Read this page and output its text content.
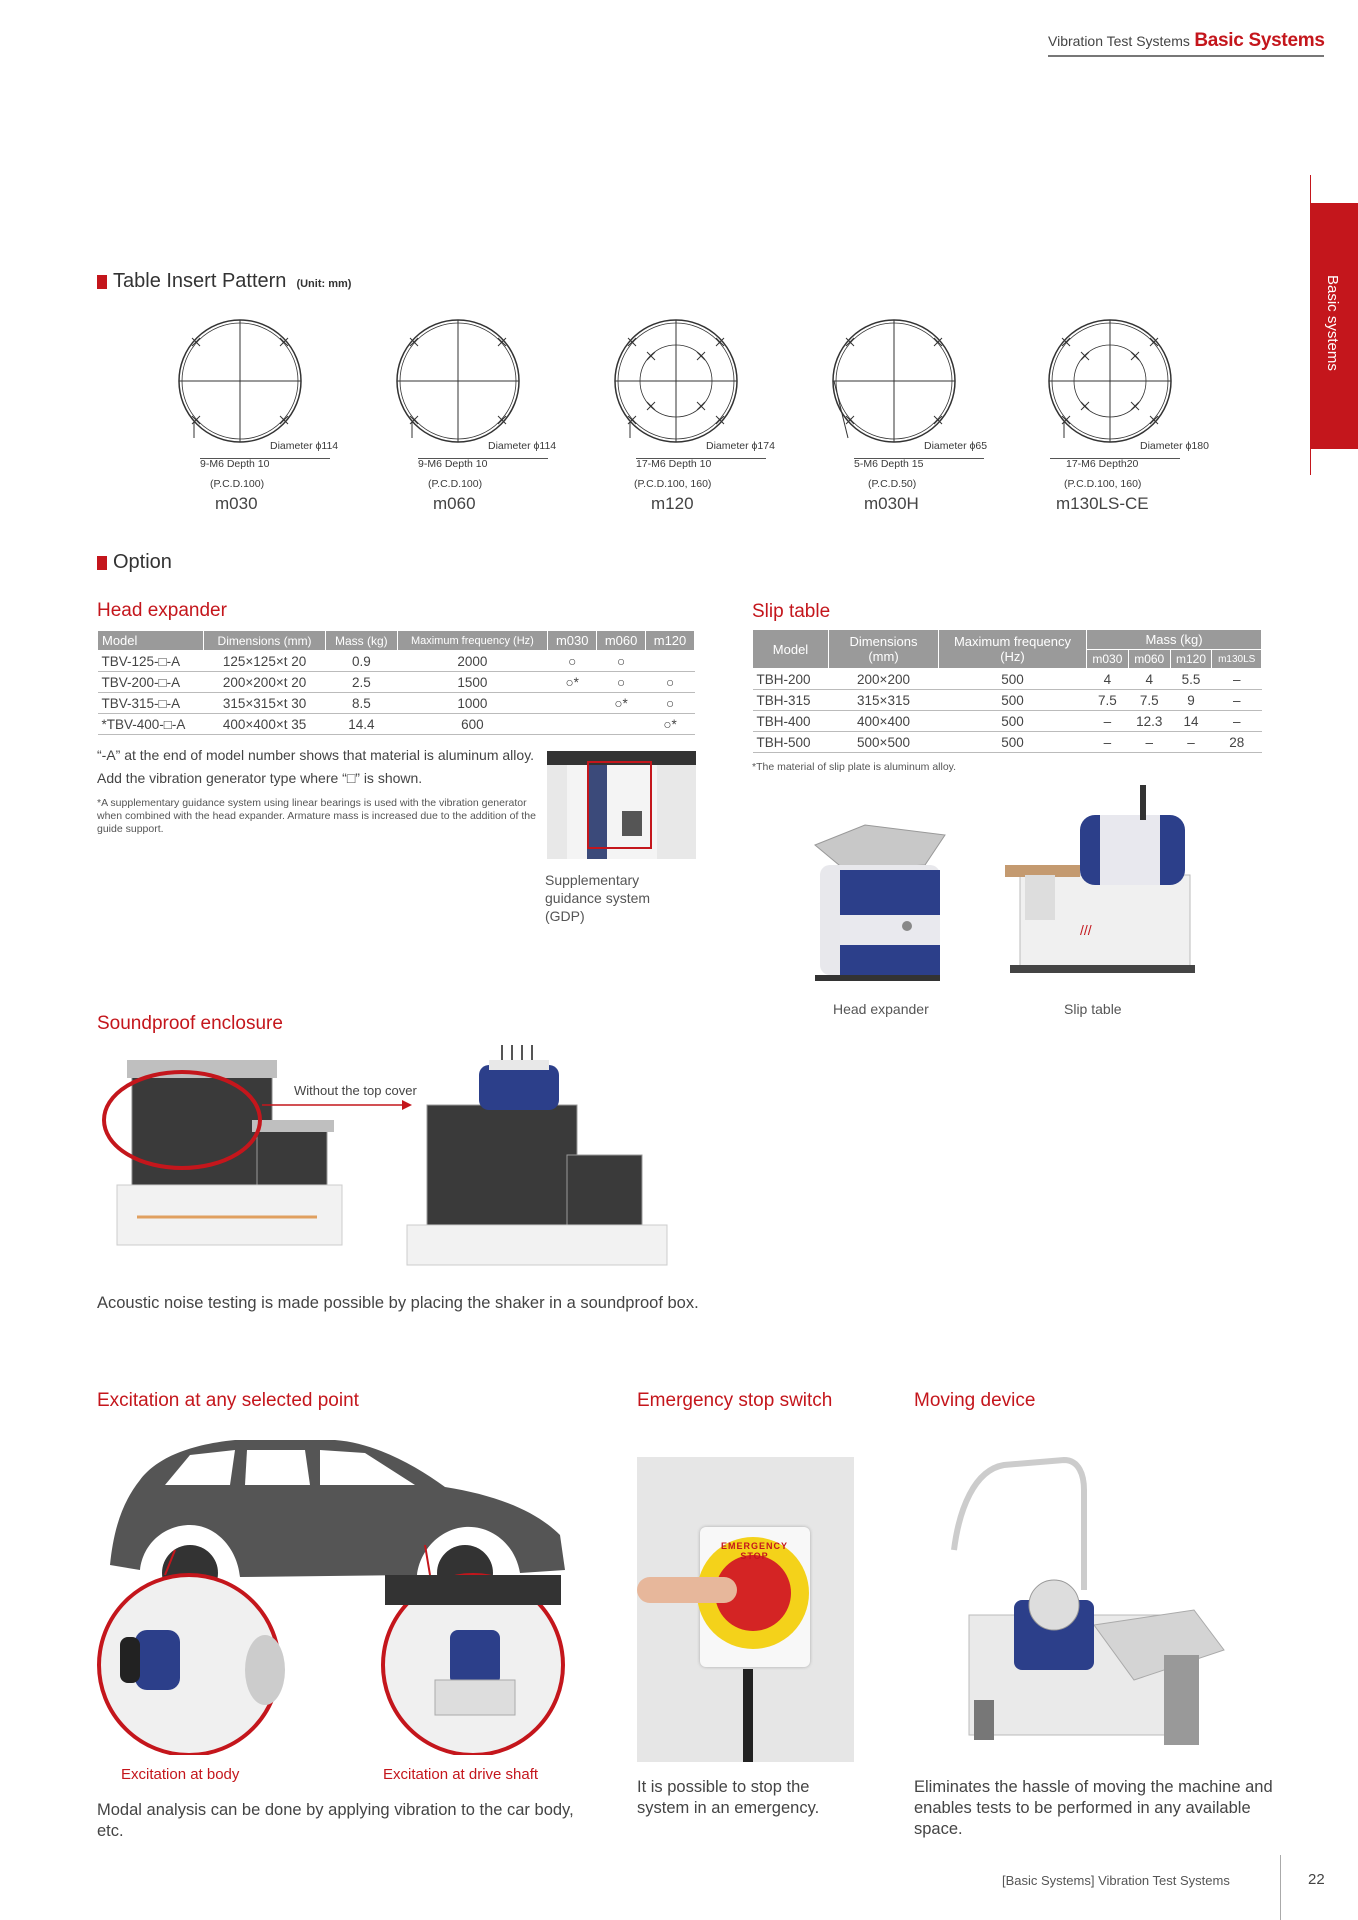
Vibration Test Systems Basic Systems
Basic systems
Table Insert Pattern (Unit: mm)
Diameter ϕ114
9-M6 Depth 10
(P.C.D.100)
m030
Diameter ϕ114
9-M6 Depth 10
(P.C.D.100)
m060
Diameter ϕ174
17-M6 Depth 10
(P.C.D.100, 160)
m120
Diameter ϕ65
5-M6 Depth 15
(P.C.D.50)
m030H
Diameter ϕ180
17-M6 Depth20
(P.C.D.100, 160)
m130LS-CE
Option
Head expander
Model	Dimensions (mm)	Mass (kg)	Maximum frequency (Hz)	m030	m060	m120
TBV-125-□-A	125×125×t 20	0.9	2000	○	○	
TBV-200-□-A	200×200×t 20	2.5	1500	○*	○	○
TBV-315-□-A	315×315×t 30	8.5	1000		○*	○
*TBV-400-□-A	400×400×t 35	14.4	600			○*
“-A” at the end of model number shows that material is aluminum alloy.
Add the vibration generator type where “□” is shown.
*A supplementary guidance system using linear bearings is used with the vibration generator when combined with the head expander. Armature mass is increased due to the addition of the guide support.
Supplementary guidance system (GDP)
Slip table
Model	Dimensions (mm)	Maximum frequency (Hz)	Mass (kg)			
			m030	m060	m120	m130LS
TBH-200	200×200	500	4	4	5.5	–
TBH-315	315×315	500	7.5	7.5	9	–
TBH-400	400×400	500	–	12.3	14	–
TBH-500	500×500	500	–	–	–	28
*The material of slip plate is aluminum alloy.
///
Head expander	Slip table
Soundproof enclosure
Without the top cover
Acoustic noise testing is made possible by placing the shaker in a soundproof box.
Excitation at any selected point
Excitation at body	Excitation at drive shaft
Modal analysis can be done by applying vibration to the car body, etc.
Emergency stop switch
EMERGENCY STOP
It is possible to stop the system in an emergency.
Moving device
Eliminates the hassle of moving the machine and enables tests to be performed in any available space.
[Basic Systems] Vibration Test Systems	22
